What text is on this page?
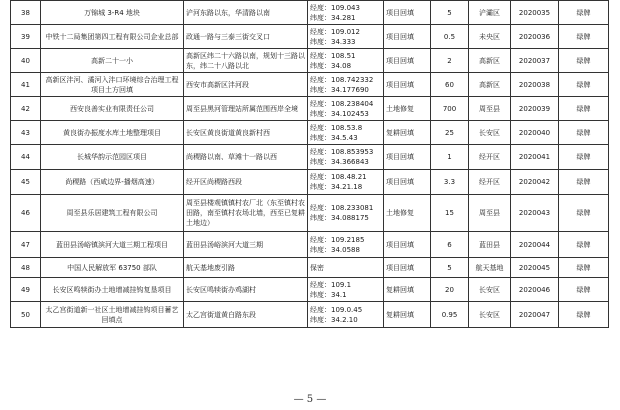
38	万锦城 3-R4 地块	浐河东路以东，华清路以南	经度：109.043
纬度：34.281	项目回填	5	浐灞区	2020035	绿牌
39	中铁十二局集团第四工程有限公司企业总部	政通一路与三泰三街交叉口	经度：109.012
纬度：34.333	项目回填	0.5	未央区	2020036	绿牌
40	高新二十一小	高新区纬二十六路以南，规划十三路以东，纬二十八路以北	经度：108.51
纬度：34.08	项目回填	2	高新区	2020037	绿牌
41	高新区沣河、潏河入沣口环境综合治理工程项目土方回填	西安市高新区沣河段	经度：108.742332
纬度：34.177690	项目回填	60	高新区	2020038	绿牌
42	西安良善实业有限责任公司	周至县黑河管理站所属范围西岸全境	经度：108.238404
纬度：34.102453	土地修复	700	周至县	2020039	绿牌
43	黄良街办振度水库土地整理项目	长安区黄良街道黄良新村西	经度：108.53.8
纬度：34.5.43	复耕回填	25	长安区	2020040	绿牌
44	长城华韵示范园区项目	尚稷路以南、草滩十一路以西	经度：108.853953
纬度：34.366843	项目回填	1	经开区	2020041	绿牌
45	尚稷路（西咸边界-播烟高速）	经开区尚稷路西段	经度：108.48.21
纬度：34.21.18	项目回填	3.3	经开区	2020042	绿牌
46	周至县乐居建筑工程有限公司	周至县楼观镇镇村农厂北（东至镇村农田路，南至镇村农场北墙，西至已复耕土地边）	经度：108.233081
纬度：34.088175	土地修复	15	周至县	2020043	绿牌
47	蓝田县汤峪镇滨河大道三期工程项目	蓝田县汤峪滨河大道三期	经度：109.2185
纬度：34.0588	项目回填	6	蓝田县	2020044	绿牌
48	中国人民解放军 63750 部队	航天基地废引路	保密	项目回填	5	航天基地	2020045	绿牌
49	长安区鸣犊街办土地增减挂钩复垦项目	长安区鸣犊街办鸡湖村	经度：109.1
纬度：34.1	复耕回填	20	长安区	2020046	绿牌
50	太乙宫街道新一社区土地增减挂钩项目蓄艺回填点	太乙宫街道黄白路东段	经度：109.0.45
纬度：34.2.10	复耕回填	0.95	长安区	2020047	绿牌
— 5 —
